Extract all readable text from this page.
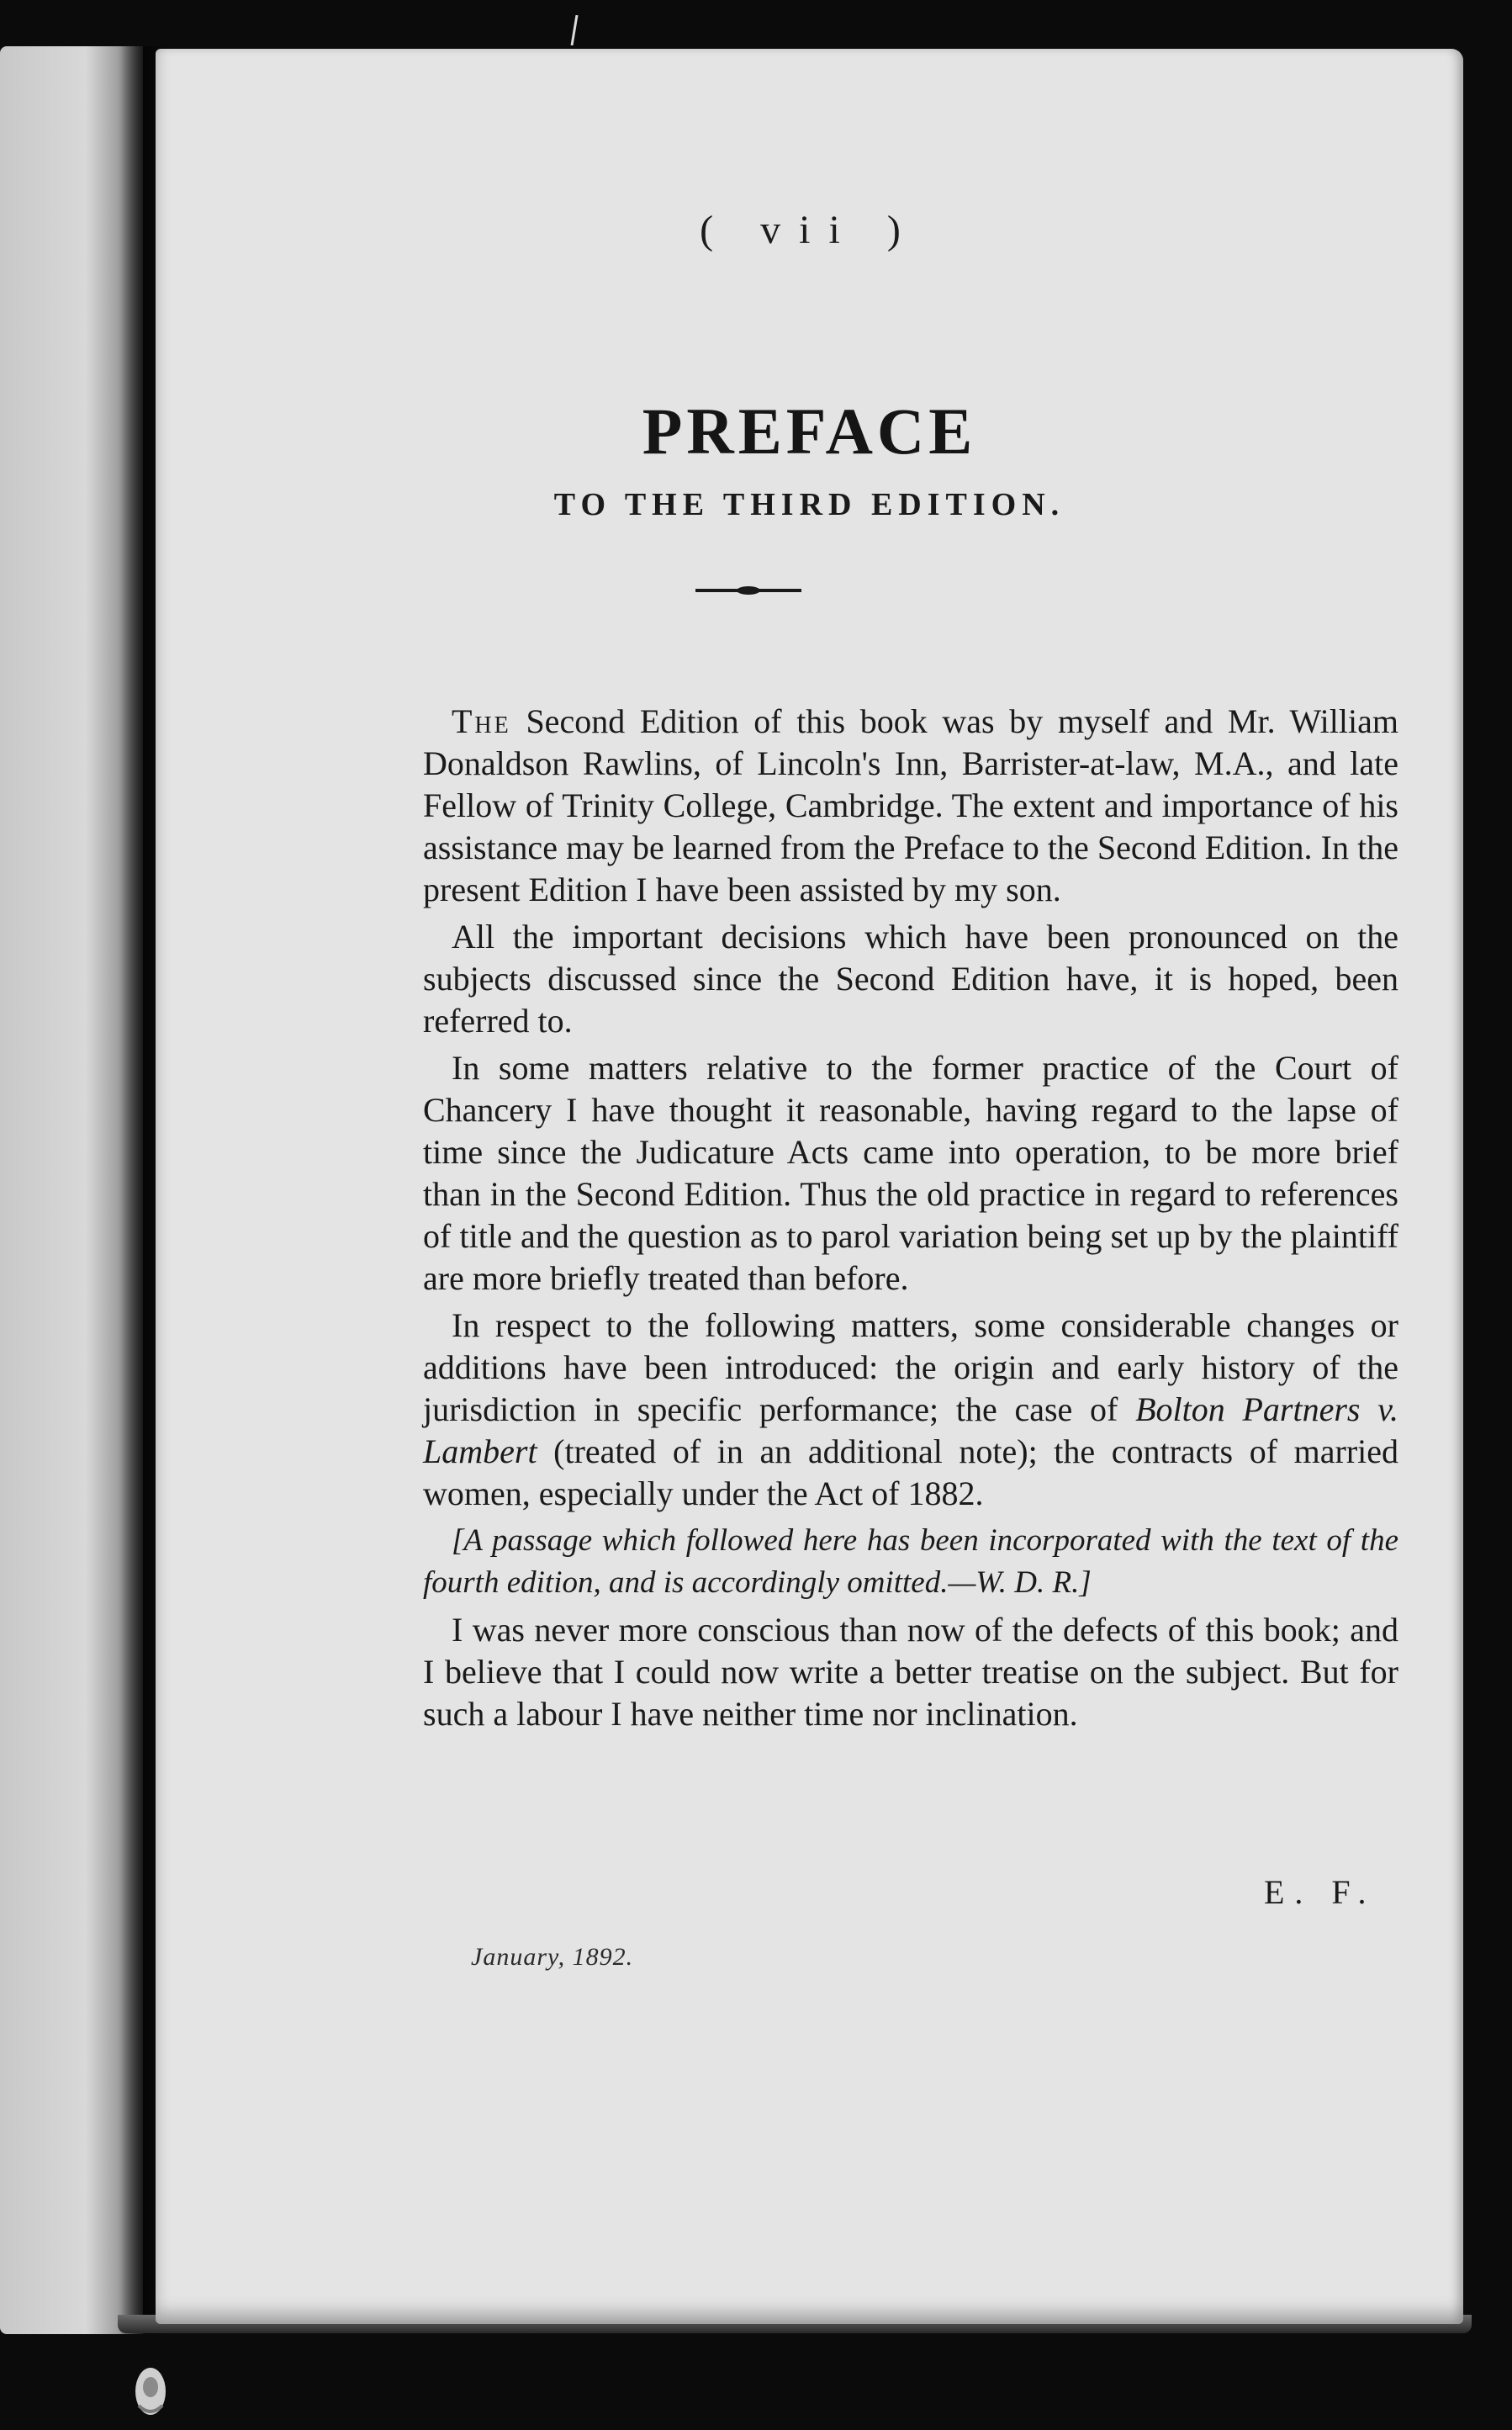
( vii )
PREFACE
TO THE THIRD EDITION.

The Second Edition of this book was by myself and Mr. William Donaldson Rawlins, of Lincoln's Inn, Barrister-at-law, M.A., and late Fellow of Trinity College, Cambridge. The extent and importance of his assistance may be learned from the Preface to the Second Edition. In the present Edition I have been assisted by my son.

All the important decisions which have been pronounced on the subjects discussed since the Second Edition have, it is hoped, been referred to.

In some matters relative to the former practice of the Court of Chancery I have thought it reasonable, having regard to the lapse of time since the Judicature Acts came into operation, to be more brief than in the Second Edition. Thus the old practice in regard to references of title and the question as to parol variation being set up by the plaintiff are more briefly treated than before.

In respect to the following matters, some considerable changes or additions have been introduced: the origin and early history of the jurisdiction in specific performance; the case of Bolton Partners v. Lambert (treated of in an additional note); the contracts of married women, especially under the Act of 1882.

[A passage which followed here has been incorporated with the text of the fourth edition, and is accordingly omitted.—W. D. R.]

I was never more conscious than now of the defects of this book; and I believe that I could now write a better treatise on the subject. But for such a labour I have neither time nor inclination.

E. F.
January, 1892.
